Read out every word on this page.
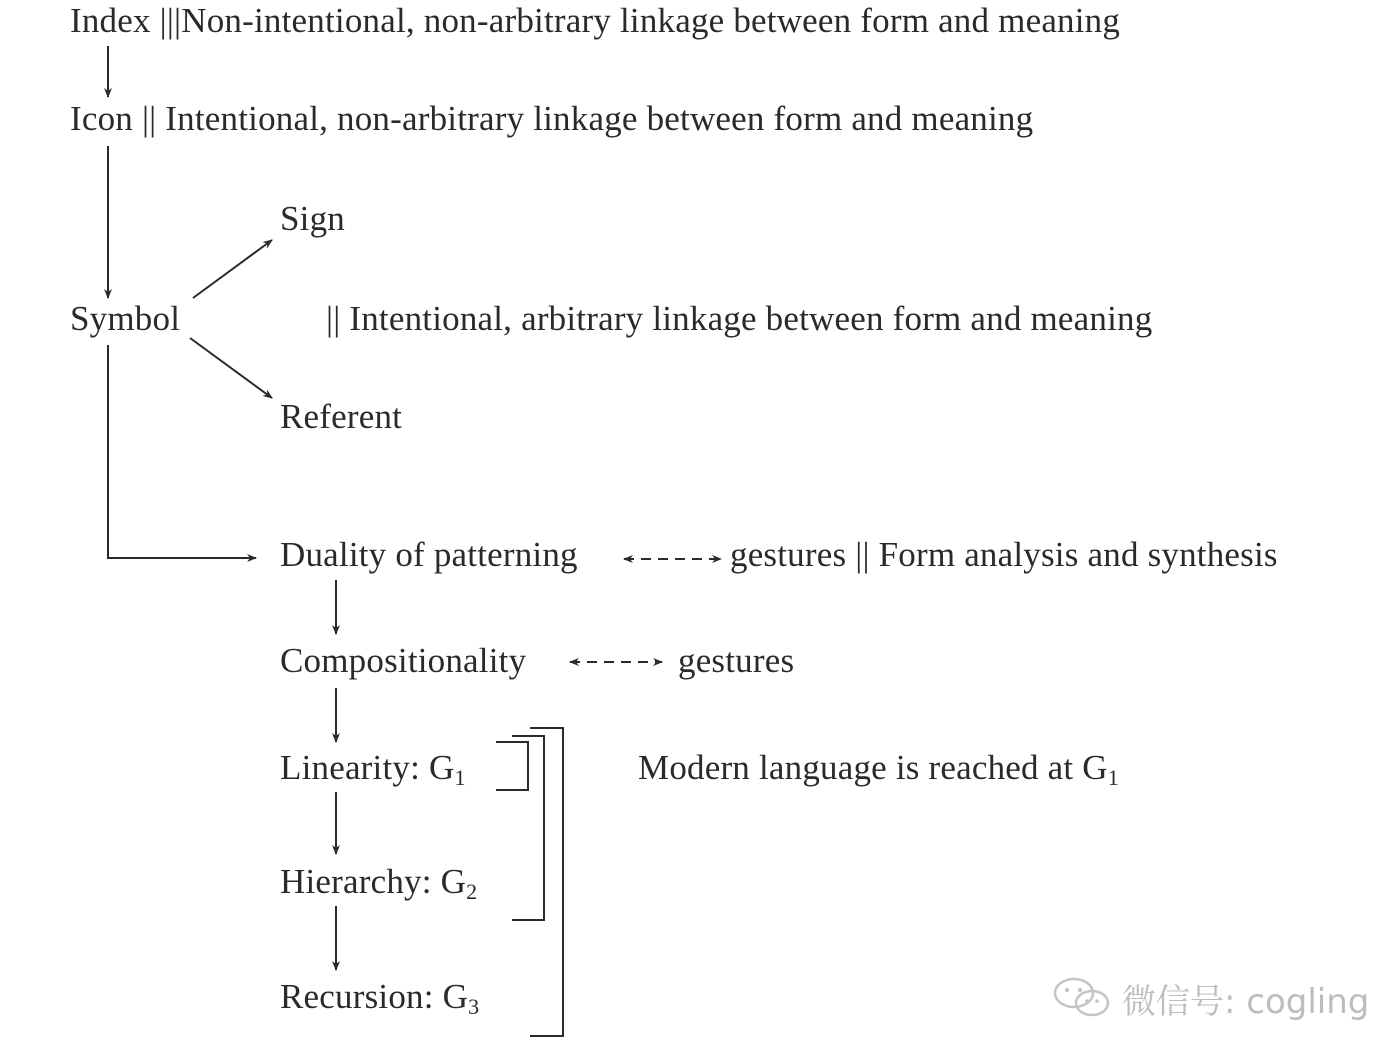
Index |||Non-intentional, non-arbitrary linkage between form and meaning
Icon || Intentional, non-arbitrary linkage between form and meaning
Sign
Symbol	|| Intentional, arbitrary linkage between form and meaning
Referent
Duality of patterning	gestures || Form analysis and synthesis
Compositionality	gestures
Linearity: $G_1$
Hierarchy: $G_2$
Recursion: $G_3$
Modern language is reached at $G_1$
微信号: cogling
